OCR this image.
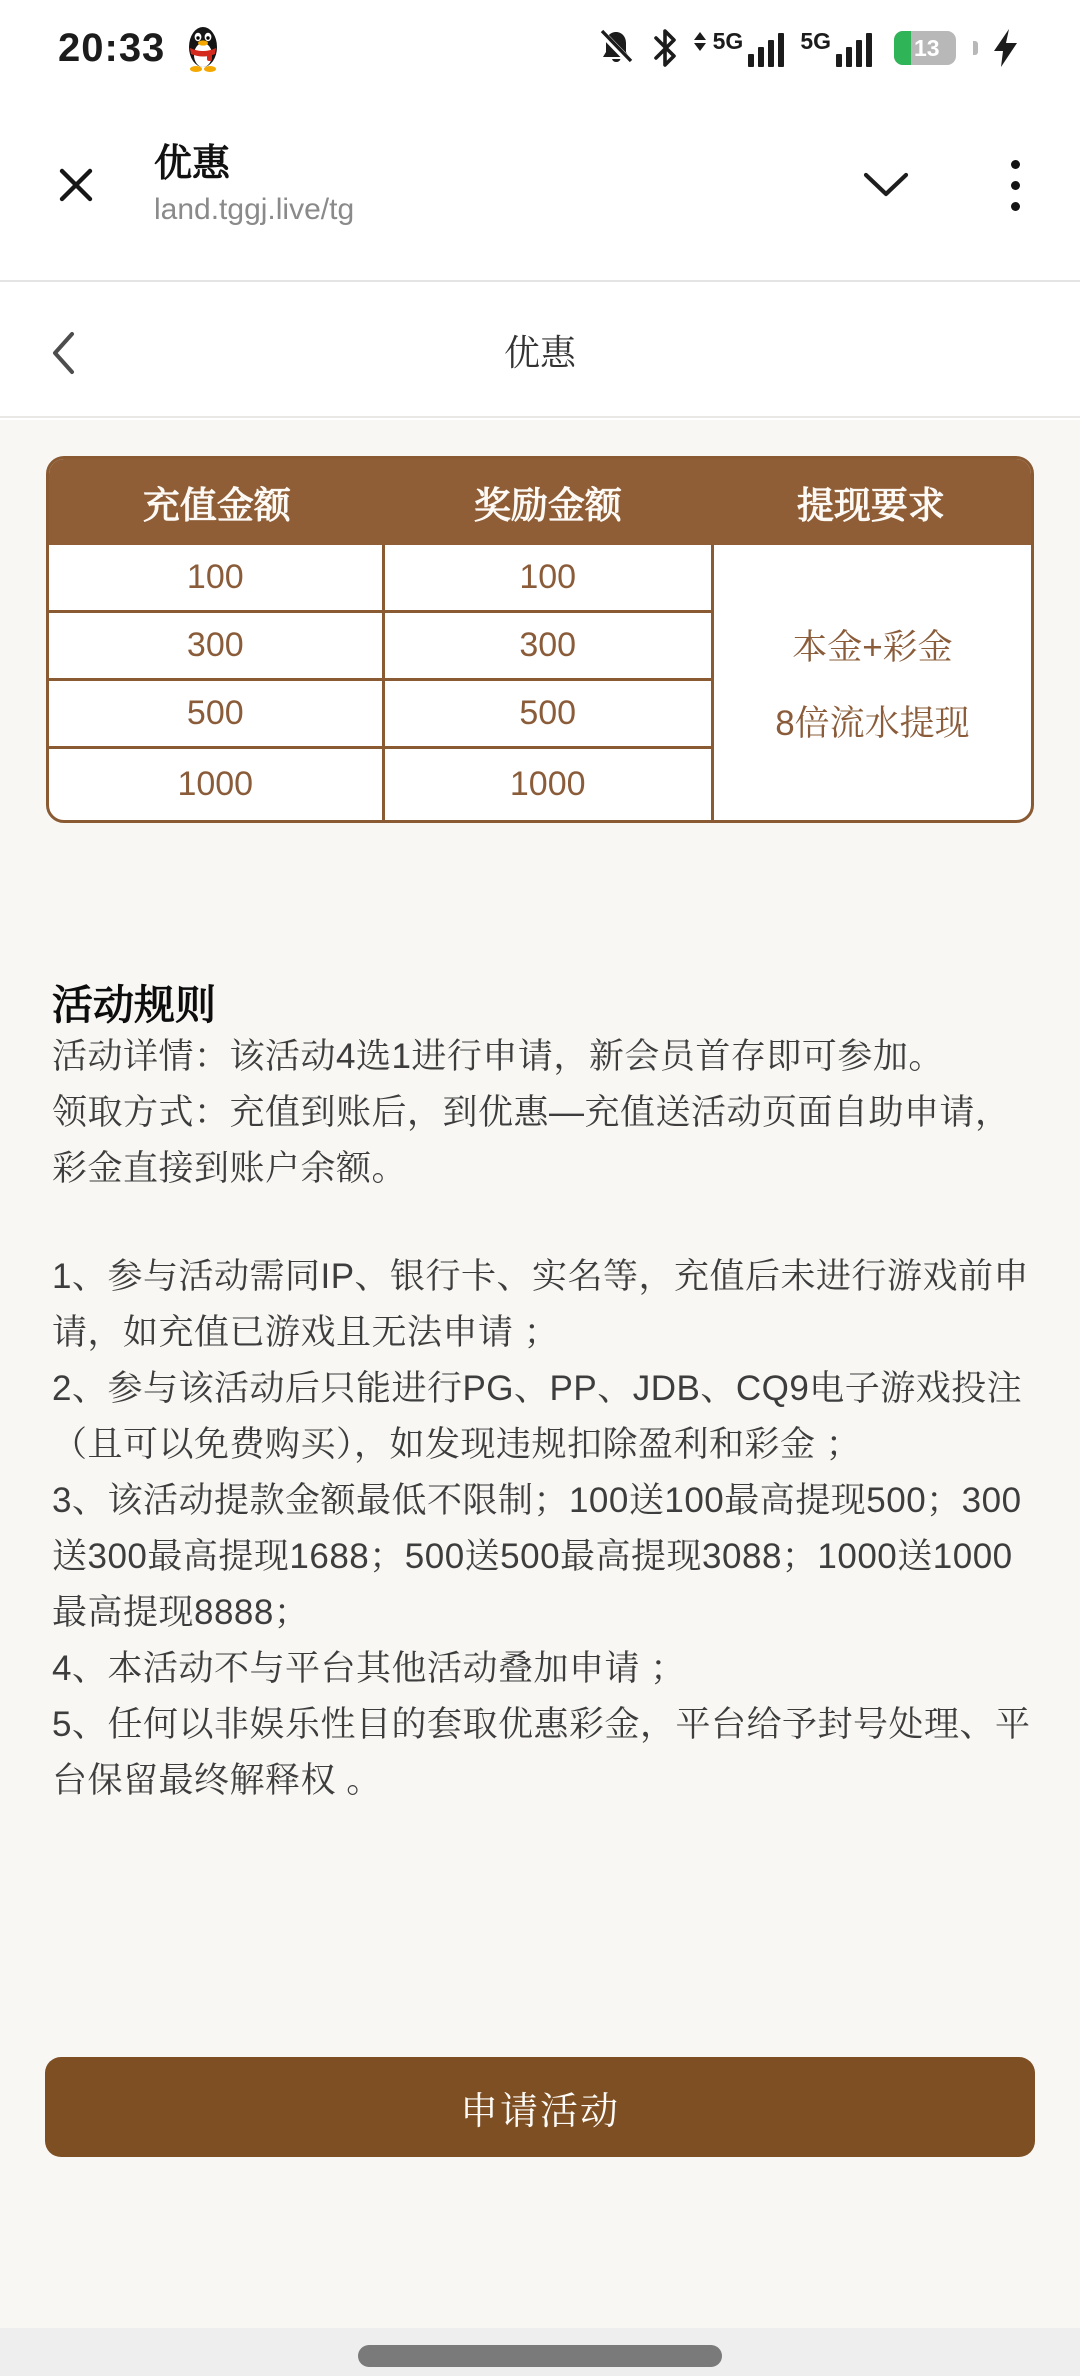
20:33	5G 5G	13
优惠
land.tggj.live/tg
优惠
充值金额	奖励金额	提现要求
100	100
300	300
500	500
1000	1000
本金+彩金
8倍流水提现
活动规则

活动详情：该活动4选1进行申请，新会员首存即可参加。

领取方式：充值到账后，到优惠—充值送活动页面自助申请，彩金直接到账户余额。

1、参与活动需同IP、银行卡、实名等，充值后未进行游戏前申请，如充值已游戏且无法申请 ；

2、参与该活动后只能进行PG、PP、JDB、CQ9电子游戏投注（且可以免费购买），如发现违规扣除盈利和彩金 ；

3、该活动提款金额最低不限制；100送100最高提现500；300送300最高提现1688；500送500最高提现3088；1000送1000最高提现8888；

4、本活动不与平台其他活动叠加申请 ；

5、任何以非娱乐性目的套取优惠彩金，平台给予封号处理、平台保留最终解释权 。

申请活动
